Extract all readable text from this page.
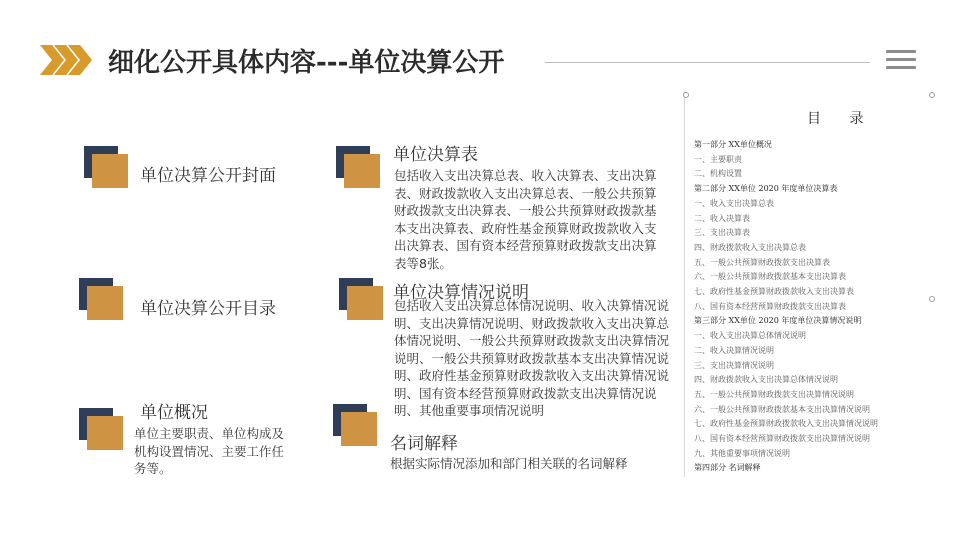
细化公开具体内容---单位决算公开
单位决算公开封面
单位决算公开目录
单位概况
单位主要职责、单位构成及机构设置情况、主要工作任务等。
单位决算表
包括收入支出决算总表、收入决算表、支出决算表、财政拨款收入支出决算总表、一般公共预算财政拨款支出决算表、一般公共预算财政拨款基本支出决算表、政府性基金预算财政拨款收入支出决算表、国有资本经营预算财政拨款支出决算表等8张。
单位决算情况说明
包括收入支出决算总体情况说明、收入决算情况说明、支出决算情况说明、财政拨款收入支出决算总体情况说明、一般公共预算财政拨款支出决算情况说明、一般公共预算财政拨款基本支出决算情况说明、政府性基金预算财政拨款收入支出决算情况说明、国有资本经营预算财政拨款支出决算情况说明、其他重要事项情况说明
名词解释
根据实际情况添加和部门相关联的名词解释
目 录
第一部分 XX单位概况
一、主要职责
二、机构设置
第二部分 XX单位 2020 年度单位决算表
一、收入支出决算总表
二、收入决算表
三、支出决算表
四、财政拨款收入支出决算总表
五、一般公共预算财政拨款支出决算表
六、一般公共预算财政拨款基本支出决算表
七、政府性基金预算财政拨款收入支出决算表
八、国有资本经营预算财政拨款支出决算表
第三部分 XX单位 2020 年度单位决算情况说明
一、收入支出决算总体情况说明
二、收入决算情况说明
三、支出决算情况说明
四、财政拨款收入支出决算总体情况说明
五、一般公共预算财政拨款支出决算情况说明
六、一般公共预算财政拨款基本支出决算情况说明
七、政府性基金预算财政拨款收入支出决算情况说明
八、国有资本经营预算财政拨款支出决算情况说明
九、其他重要事项情况说明
第四部分 名词解释
